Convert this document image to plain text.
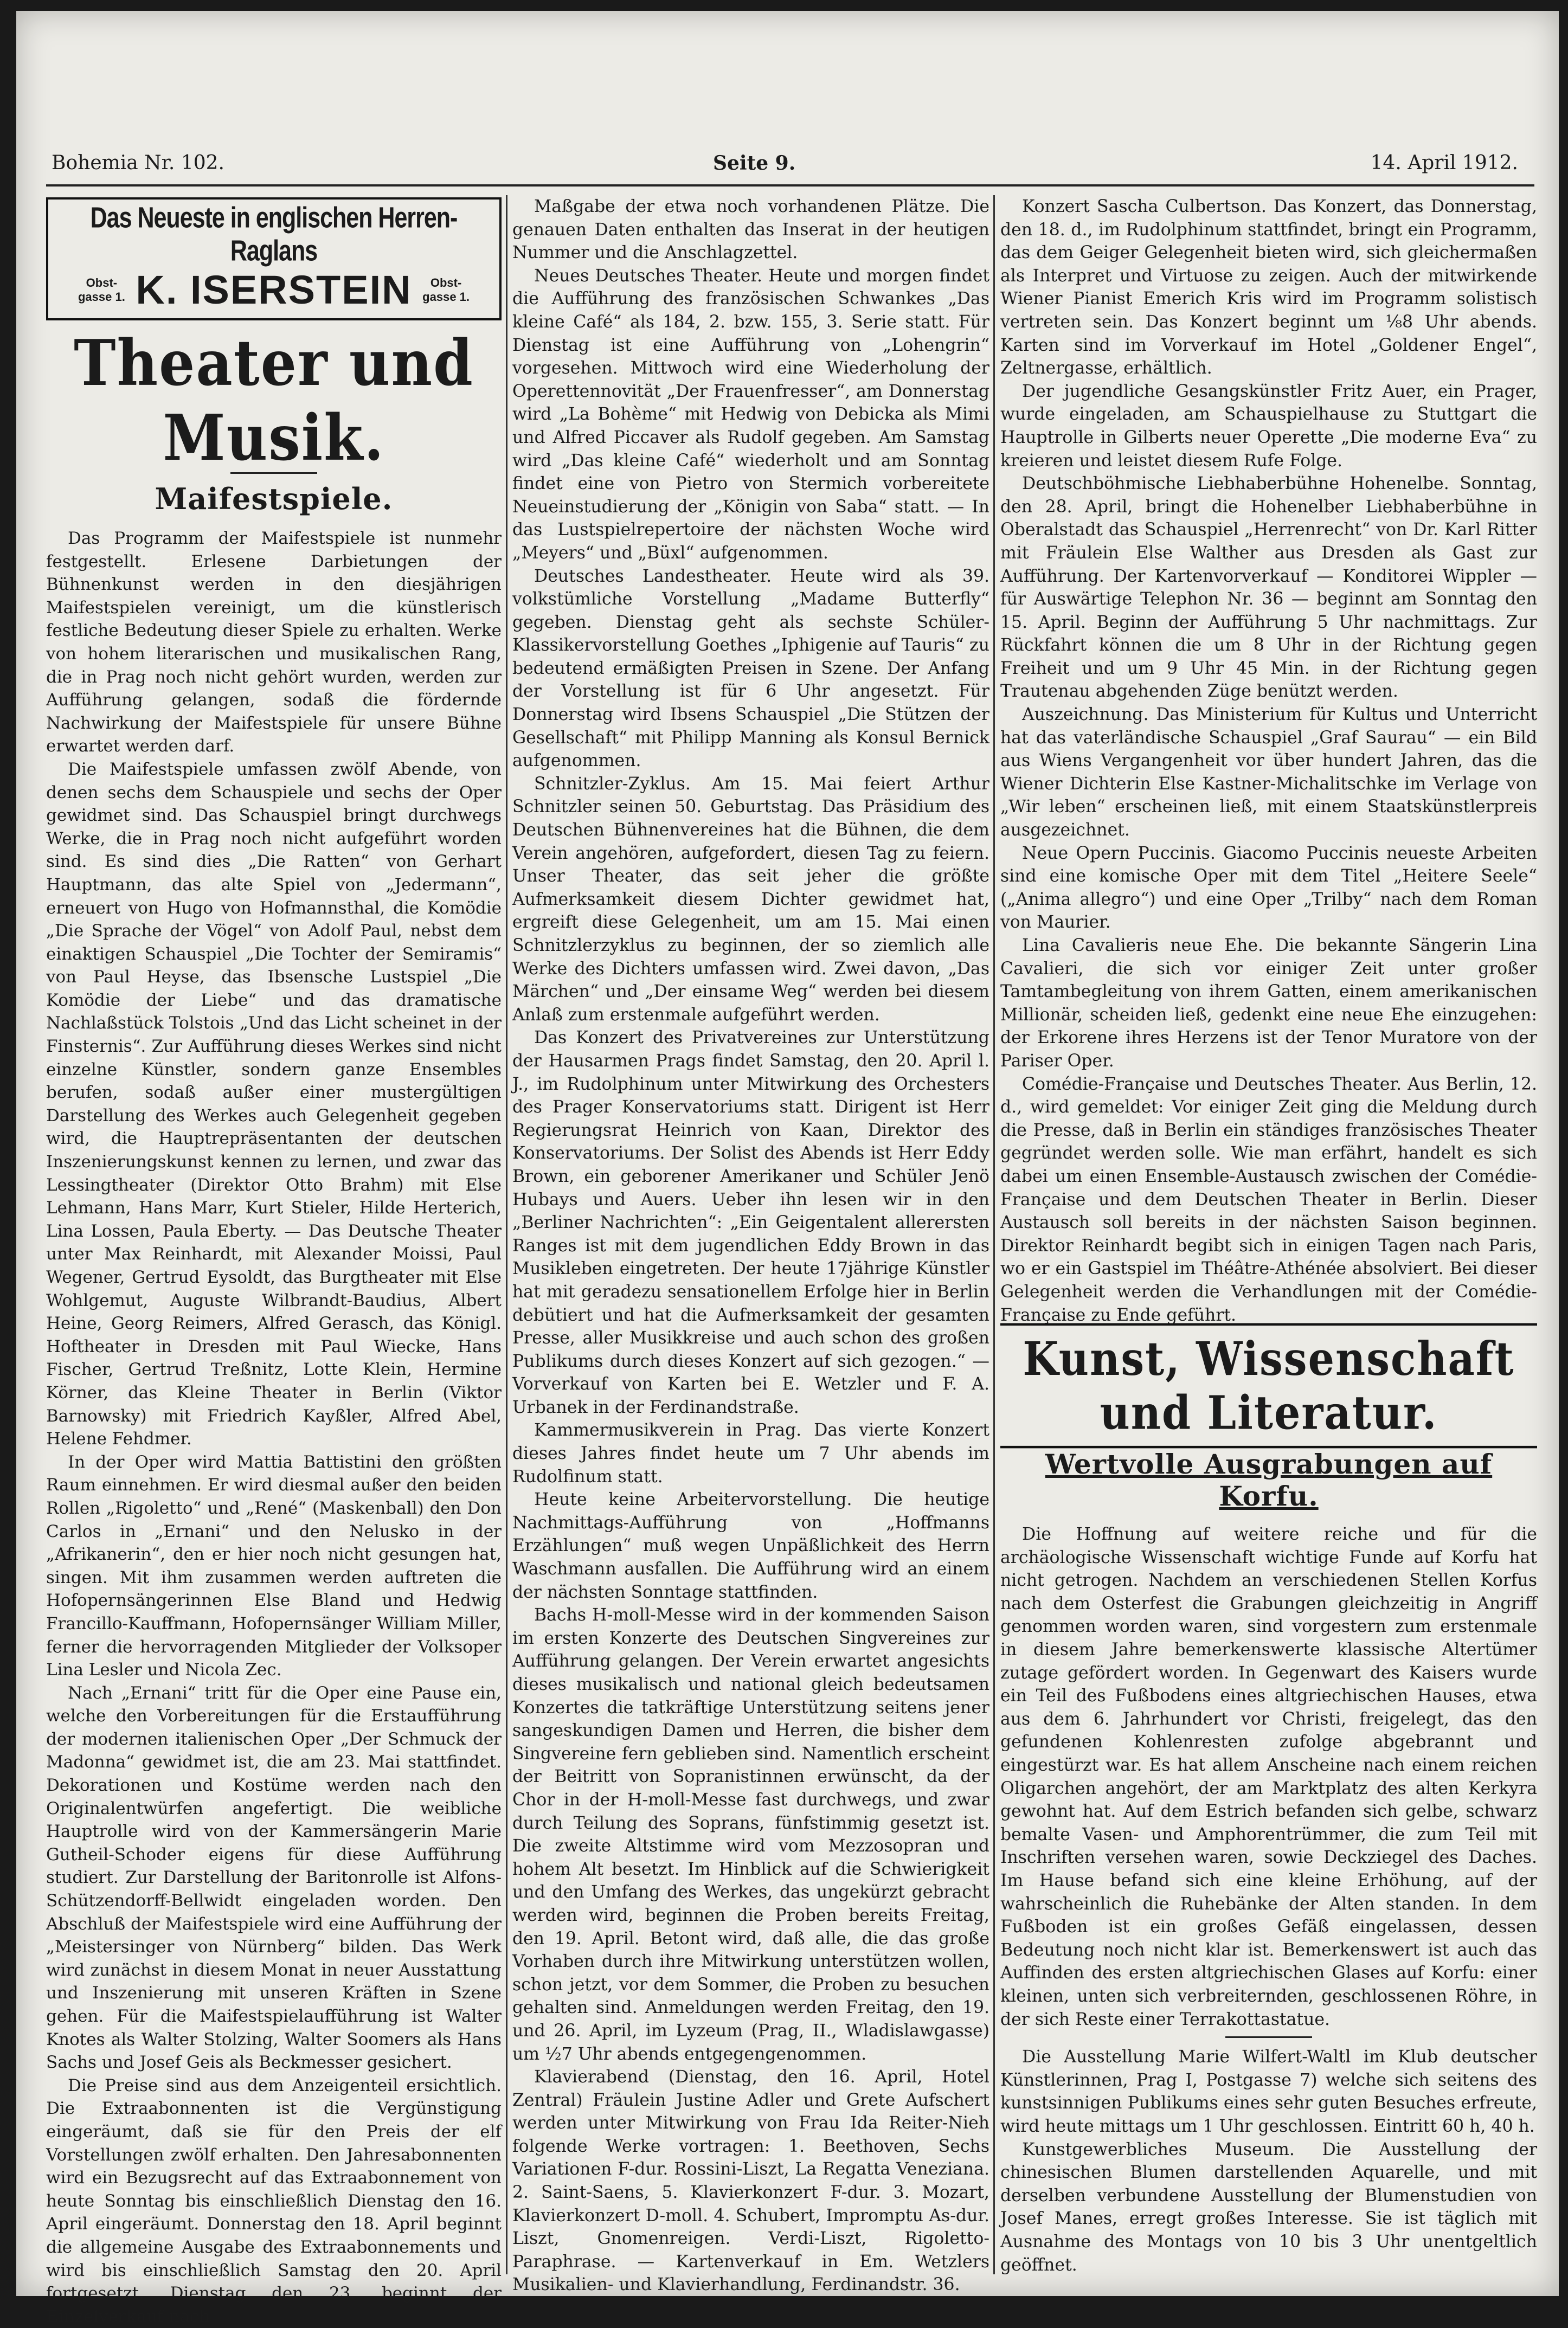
Bohemia Nr. 102.	Seite 9.	14. April 1912.
Das Neueste in englischen Herren-Raglans
Obst-gasse 1. K. ISERSTEIN	Obst-gasse 1.
Theater und Musik.
Maifestspiele.

Das Programm der Maifestspiele ist nunmehr festgestellt. Erlesene Darbietungen der Bühnenkunst werden in den diesjährigen Maifestspielen vereinigt, um die künstlerisch festliche Bedeutung dieser Spiele zu erhalten. Werke von hohem literarischen und musikalischen Rang, die in Prag noch nicht gehört wurden, werden zur Aufführung gelangen, sodaß die fördernde Nachwirkung der Maifestspiele für unsere Bühne erwartet werden darf.

Die Maifestspiele umfassen zwölf Abende, von denen sechs dem Schauspiele und sechs der Oper gewidmet sind. Das Schauspiel bringt durchwegs Werke, die in Prag noch nicht aufgeführt worden sind. Es sind dies „Die Ratten“ von Gerhart Hauptmann, das alte Spiel von „Jedermann“, erneuert von Hugo von Hofmannsthal, die Komödie „Die Sprache der Vögel“ von Adolf Paul, nebst dem einaktigen Schauspiel „Die Tochter der Semiramis“ von Paul Heyse, das Ibsensche Lustspiel „Die Komödie der Liebe“ und das dramatische Nachlaßstück Tolstois „Und das Licht scheinet in der Finsternis“. Zur Aufführung dieses Werkes sind nicht einzelne Künstler, sondern ganze Ensembles berufen, sodaß außer einer mustergültigen Darstellung des Werkes auch Gelegenheit gegeben wird, die Hauptrepräsentanten der deutschen Inszenierungskunst kennen zu lernen, und zwar das Lessingtheater (Direktor Otto Brahm) mit Else Lehmann, Hans Marr, Kurt Stieler, Hilde Herterich, Lina Lossen, Paula Eberty. — Das Deutsche Theater unter Max Reinhardt, mit Alexander Moissi, Paul Wegener, Gertrud Eysoldt, das Burgtheater mit Else Wohlgemut, Auguste Wilbrandt-Baudius, Albert Heine, Georg Reimers, Alfred Gerasch, das Königl. Hoftheater in Dresden mit Paul Wiecke, Hans Fischer, Gertrud Treßnitz, Lotte Klein, Hermine Körner, das Kleine Theater in Berlin (Viktor Barnowsky) mit Friedrich Kayßler, Alfred Abel, Helene Fehdmer.

In der Oper wird Mattia Battistini den größten Raum einnehmen. Er wird diesmal außer den beiden Rollen „Rigoletto“ und „René“ (Maskenball) den Don Carlos in „Ernani“ und den Nelusko in der „Afrikanerin“, den er hier noch nicht gesungen hat, singen. Mit ihm zusammen werden auftreten die Hofopernsängerinnen Else Bland und Hedwig Francillo-Kauffmann, Hofopernsänger William Miller, ferner die hervorragenden Mitglieder der Volksoper Lina Lesler und Nicola Zec.

Nach „Ernani“ tritt für die Oper eine Pause ein, welche den Vorbereitungen für die Erstaufführung der modernen italienischen Oper „Der Schmuck der Madonna“ gewidmet ist, die am 23. Mai stattfindet. Dekorationen und Kostüme werden nach den Originalentwürfen angefertigt. Die weibliche Hauptrolle wird von der Kammersängerin Marie Gutheil-Schoder eigens für diese Aufführung studiert. Zur Darstellung der Baritonrolle ist Alfons-Schützendorff-Bellwidt eingeladen worden. Den Abschluß der Maifestspiele wird eine Aufführung der „Meistersinger von Nürnberg“ bilden. Das Werk wird zunächst in diesem Monat in neuer Ausstattung und Inszenierung mit unseren Kräften in Szene gehen. Für die Maifestspielaufführung ist Walter Knotes als Walter Stolzing, Walter Soomers als Hans Sachs und Josef Geis als Beckmesser gesichert.

Die Preise sind aus dem Anzeigenteil ersichtlich. Die Extraabonnenten ist die Vergünstigung eingeräumt, daß sie für den Preis der elf Vorstellungen zwölf erhalten. Den Jahresabonnenten wird ein Bezugsrecht auf das Extraabonnement von heute Sonntag bis einschließlich Dienstag den 16. April eingeräumt. Donnerstag den 18. April beginnt die allgemeine Ausgabe des Extraabonnements und wird bis einschließlich Samstag den 20. April fortgesetzt. Dienstag den 23. beginnt der Einzelverkauf nach

Maßgabe der etwa noch vorhandenen Plätze. Die genauen Daten enthalten das Inserat in der heutigen Nummer und die Anschlagzettel.

Neues Deutsches Theater. Heute und morgen findet die Aufführung des französischen Schwankes „Das kleine Café“ als 184, 2. bzw. 155, 3. Serie statt. Für Dienstag ist eine Aufführung von „Lohengrin“ vorgesehen. Mittwoch wird eine Wiederholung der Operettennovität „Der Frauenfresser“, am Donnerstag wird „La Bohème“ mit Hedwig von Debicka als Mimi und Alfred Piccaver als Rudolf gegeben. Am Samstag wird „Das kleine Café“ wiederholt und am Sonntag findet eine von Pietro von Stermich vorbereitete Neueinstudierung der „Königin von Saba“ statt. — In das Lustspielrepertoire der nächsten Woche wird „Meyers“ und „Büxl“ aufgenommen.

Deutsches Landestheater. Heute wird als 39. volkstümliche Vorstellung „Madame Butterfly“ gegeben. Dienstag geht als sechste Schüler-Klassikervorstellung Goethes „Iphigenie auf Tauris“ zu bedeutend ermäßigten Preisen in Szene. Der Anfang der Vorstellung ist für 6 Uhr angesetzt. Für Donnerstag wird Ibsens Schauspiel „Die Stützen der Gesellschaft“ mit Philipp Manning als Konsul Bernick aufgenommen.

Schnitzler-Zyklus. Am 15. Mai feiert Arthur Schnitzler seinen 50. Geburtstag. Das Präsidium des Deutschen Bühnenvereines hat die Bühnen, die dem Verein angehören, aufgefordert, diesen Tag zu feiern. Unser Theater, das seit jeher die größte Aufmerksamkeit diesem Dichter gewidmet hat, ergreift diese Gelegenheit, um am 15. Mai einen Schnitzlerzyklus zu beginnen, der so ziemlich alle Werke des Dichters umfassen wird. Zwei davon, „Das Märchen“ und „Der einsame Weg“ werden bei diesem Anlaß zum erstenmale aufgeführt werden.

Das Konzert des Privatvereines zur Unterstützung der Hausarmen Prags findet Samstag, den 20. April l. J., im Rudolphinum unter Mitwirkung des Orchesters des Prager Konservatoriums statt. Dirigent ist Herr Regierungsrat Heinrich von Kaan, Direktor des Konservatoriums. Der Solist des Abends ist Herr Eddy Brown, ein geborener Amerikaner und Schüler Jenö Hubays und Auers. Ueber ihn lesen wir in den „Berliner Nachrichten“: „Ein Geigentalent allerersten Ranges ist mit dem jugendlichen Eddy Brown in das Musikleben eingetreten. Der heute 17jährige Künstler hat mit geradezu sensationellem Erfolge hier in Berlin debütiert und hat die Aufmerksamkeit der gesamten Presse, aller Musikkreise und auch schon des großen Publikums durch dieses Konzert auf sich gezogen.“ — Vorverkauf von Karten bei E. Wetzler und F. A. Urbanek in der Ferdinandstraße.

Kammermusikverein in Prag. Das vierte Konzert dieses Jahres findet heute um 7 Uhr abends im Rudolfinum statt.

Heute keine Arbeitervorstellung. Die heutige Nachmittags-Aufführung von „Hoffmanns Erzählungen“ muß wegen Unpäßlichkeit des Herrn Waschmann ausfallen. Die Aufführung wird an einem der nächsten Sonntage stattfinden.

Bachs H-moll-Messe wird in der kommenden Saison im ersten Konzerte des Deutschen Singvereines zur Aufführung gelangen. Der Verein erwartet angesichts dieses musikalisch und national gleich bedeutsamen Konzertes die tatkräftige Unterstützung seitens jener sangeskundigen Damen und Herren, die bisher dem Singvereine fern geblieben sind. Namentlich erscheint der Beitritt von Sopranistinnen erwünscht, da der Chor in der H-moll-Messe fast durchwegs, und zwar durch Teilung des Soprans, fünfstimmig gesetzt ist. Die zweite Altstimme wird vom Mezzosopran und hohem Alt besetzt. Im Hinblick auf die Schwierigkeit und den Umfang des Werkes, das ungekürzt gebracht werden wird, beginnen die Proben bereits Freitag, den 19. April. Betont wird, daß alle, die das große Vorhaben durch ihre Mitwirkung unterstützen wollen, schon jetzt, vor dem Sommer, die Proben zu besuchen gehalten sind. Anmeldungen werden Freitag, den 19. und 26. April, im Lyzeum (Prag, II., Wladislawgasse) um ½7 Uhr abends entgegengenommen.

Klavierabend (Dienstag, den 16. April, Hotel Zentral) Fräulein Justine Adler und Grete Aufschert werden unter Mitwirkung von Frau Ida Reiter-Nieh folgende Werke vortragen: 1. Beethoven, Sechs Variationen F-dur. Rossini-Liszt, La Regatta Veneziana. 2. Saint-Saens, 5. Klavierkonzert F-dur. 3. Mozart, Klavierkonzert D-moll. 4. Schubert, Impromptu As-dur. Liszt, Gnomenreigen. Verdi-Liszt, Rigoletto-Paraphrase. — Kartenverkauf in Em. Wetzlers Musikalien- und Klavierhandlung, Ferdinandstr. 36.

Konzert Sascha Culbertson. Das Konzert, das Donnerstag, den 18. d., im Rudolphinum stattfindet, bringt ein Programm, das dem Geiger Gelegenheit bieten wird, sich gleichermaßen als Interpret und Virtuose zu zeigen. Auch der mitwirkende Wiener Pianist Emerich Kris wird im Programm solistisch vertreten sein. Das Konzert beginnt um ⅛8 Uhr abends. Karten sind im Vorverkauf im Hotel „Goldener Engel“, Zeltnergasse, erhältlich.

Der jugendliche Gesangskünstler Fritz Auer, ein Prager, wurde eingeladen, am Schauspielhause zu Stuttgart die Hauptrolle in Gilberts neuer Operette „Die moderne Eva“ zu kreieren und leistet diesem Rufe Folge.

Deutschböhmische Liebhaberbühne Hohenelbe. Sonntag, den 28. April, bringt die Hohenelber Liebhaberbühne in Oberalstadt das Schauspiel „Herrenrecht“ von Dr. Karl Ritter mit Fräulein Else Walther aus Dresden als Gast zur Aufführung. Der Kartenvorverkauf — Konditorei Wippler — für Auswärtige Telephon Nr. 36 — beginnt am Sonntag den 15. April. Beginn der Aufführung 5 Uhr nachmittags. Zur Rückfahrt können die um 8 Uhr in der Richtung gegen Freiheit und um 9 Uhr 45 Min. in der Richtung gegen Trautenau abgehenden Züge benützt werden.

Auszeichnung. Das Ministerium für Kultus und Unterricht hat das vaterländische Schauspiel „Graf Saurau“ — ein Bild aus Wiens Vergangenheit vor über hundert Jahren, das die Wiener Dichterin Else Kastner-Michalitschke im Verlage von „Wir leben“ erscheinen ließ, mit einem Staatskünstlerpreis ausgezeichnet.

Neue Opern Puccinis. Giacomo Puccinis neueste Arbeiten sind eine komische Oper mit dem Titel „Heitere Seele“ („Anima allegro“) und eine Oper „Trilby“ nach dem Roman von Maurier.

Lina Cavalieris neue Ehe. Die bekannte Sängerin Lina Cavalieri, die sich vor einiger Zeit unter großer Tamtambegleitung von ihrem Gatten, einem amerikanischen Millionär, scheiden ließ, gedenkt eine neue Ehe einzugehen: der Erkorene ihres Herzens ist der Tenor Muratore von der Pariser Oper.

Comédie-Française und Deutsches Theater. Aus Berlin, 12. d., wird gemeldet: Vor einiger Zeit ging die Meldung durch die Presse, daß in Berlin ein ständiges französisches Theater gegründet werden solle. Wie man erfährt, handelt es sich dabei um einen Ensemble-Austausch zwischen der Comédie-Française und dem Deutschen Theater in Berlin. Dieser Austausch soll bereits in der nächsten Saison beginnen. Direktor Reinhardt begibt sich in einigen Tagen nach Paris, wo er ein Gastspiel im Théâtre-Athénée absolviert. Bei dieser Gelegenheit werden die Verhandlungen mit der Comédie-Française zu Ende geführt.

Kunst, Wissenschaft und Literatur.
Wertvolle Ausgrabungen auf Korfu.

Die Hoffnung auf weitere reiche und für die archäologische Wissenschaft wichtige Funde auf Korfu hat nicht getrogen. Nachdem an verschiedenen Stellen Korfus nach dem Osterfest die Grabungen gleichzeitig in Angriff genommen worden waren, sind vorgestern zum erstenmale in diesem Jahre bemerkenswerte klassische Altertümer zutage gefördert worden. In Gegenwart des Kaisers wurde ein Teil des Fußbodens eines altgriechischen Hauses, etwa aus dem 6. Jahrhundert vor Christi, freigelegt, das den gefundenen Kohlenresten zufolge abgebrannt und eingestürzt war. Es hat allem Anscheine nach einem reichen Oligarchen angehört, der am Marktplatz des alten Kerkyra gewohnt hat. Auf dem Estrich befanden sich gelbe, schwarz bemalte Vasen- und Amphorentrümmer, die zum Teil mit Inschriften versehen waren, sowie Deckziegel des Daches. Im Hause befand sich eine kleine Erhöhung, auf der wahrscheinlich die Ruhebänke der Alten standen. In dem Fußboden ist ein großes Gefäß eingelassen, dessen Bedeutung noch nicht klar ist. Bemerkenswert ist auch das Auffinden des ersten altgriechischen Glases auf Korfu: einer kleinen, unten sich verbreiternden, geschlossenen Röhre, in der sich Reste einer Terrakottastatue.

Die Ausstellung Marie Wilfert-Waltl im Klub deutscher Künstlerinnen, Prag I, Postgasse 7) welche sich seitens des kunstsinnigen Publikums eines sehr guten Besuches erfreute, wird heute mittags um 1 Uhr geschlossen. Eintritt 60 h, 40 h.

Kunstgewerbliches Museum. Die Ausstellung der chinesischen Blumen darstellenden Aquarelle, und mit derselben verbundene Ausstellung der Blumenstudien von Josef Manes, erregt großes Interesse. Sie ist täglich mit Ausnahme des Montags von 10 bis 3 Uhr unentgeltlich geöffnet.
